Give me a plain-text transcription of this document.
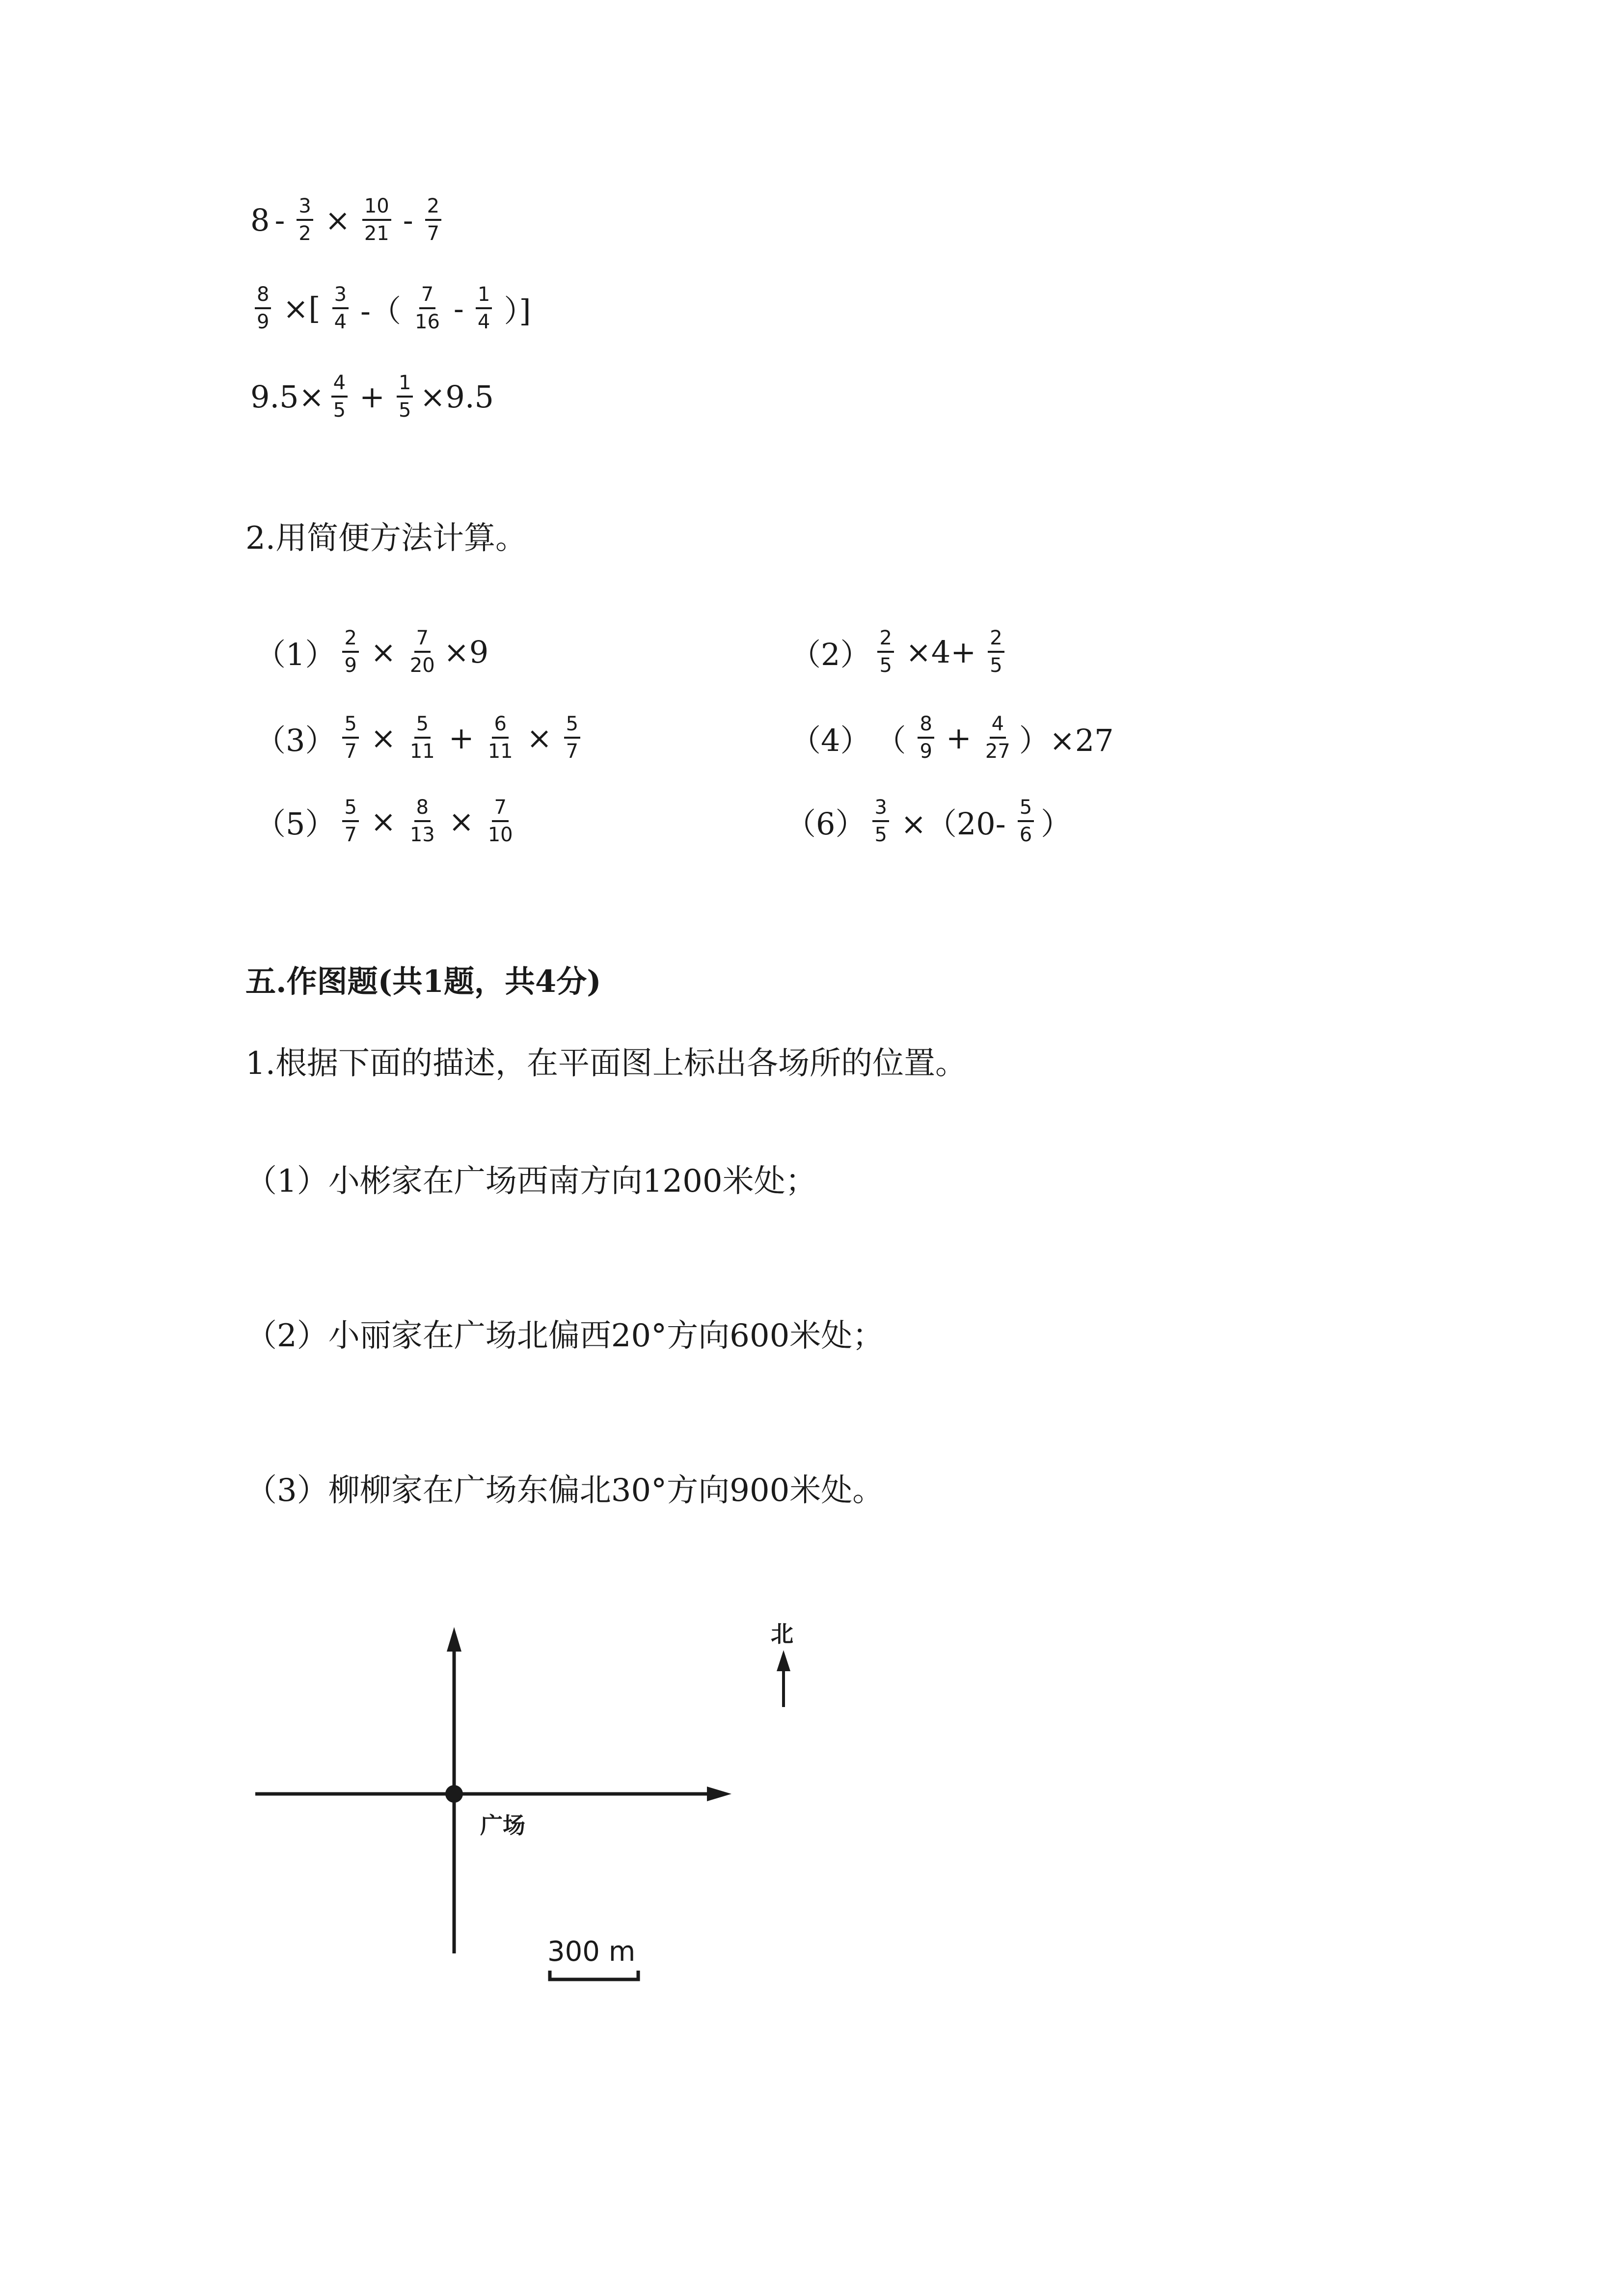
$8 - \frac{3}{2} \times \frac{10}{21} - \frac{2}{7}$
$\frac{8}{9}$ ×[ $\frac{3}{4}$ -（ $\frac{7}{16} - \frac{1}{4}$ ）]
$9.5\times \frac{4}{5} + \frac{1}{5} \times 9.5$
2.用简便方法计算。
$(1) \frac{2}{9} \times \frac{7}{20} \times 9$	$(2) \frac{2}{5} \times 4+ \frac{2}{5}$
$(3) \frac{5}{7} \times \frac{5}{11} + \frac{6}{11} \times \frac{5}{7}$	（4） （ $\frac{8}{9} + \frac{4}{27} )\times 27$
$(5) \frac{5}{7} \times \frac{8}{13} \times \frac{7}{10}$	$(6) \frac{3}{5} \times(20- \frac{5}{6}$ ）
五.作图题(共1题，共4分)
1.根据下面的描述，在平面图上标出各场所的位置。
（1）小彬家在广场西南方向1200米处；
（2）小丽家在广场北偏西20°方向600米处；
（3）柳柳家在广场东偏北30°方向900米处。
广场
北
300 m
